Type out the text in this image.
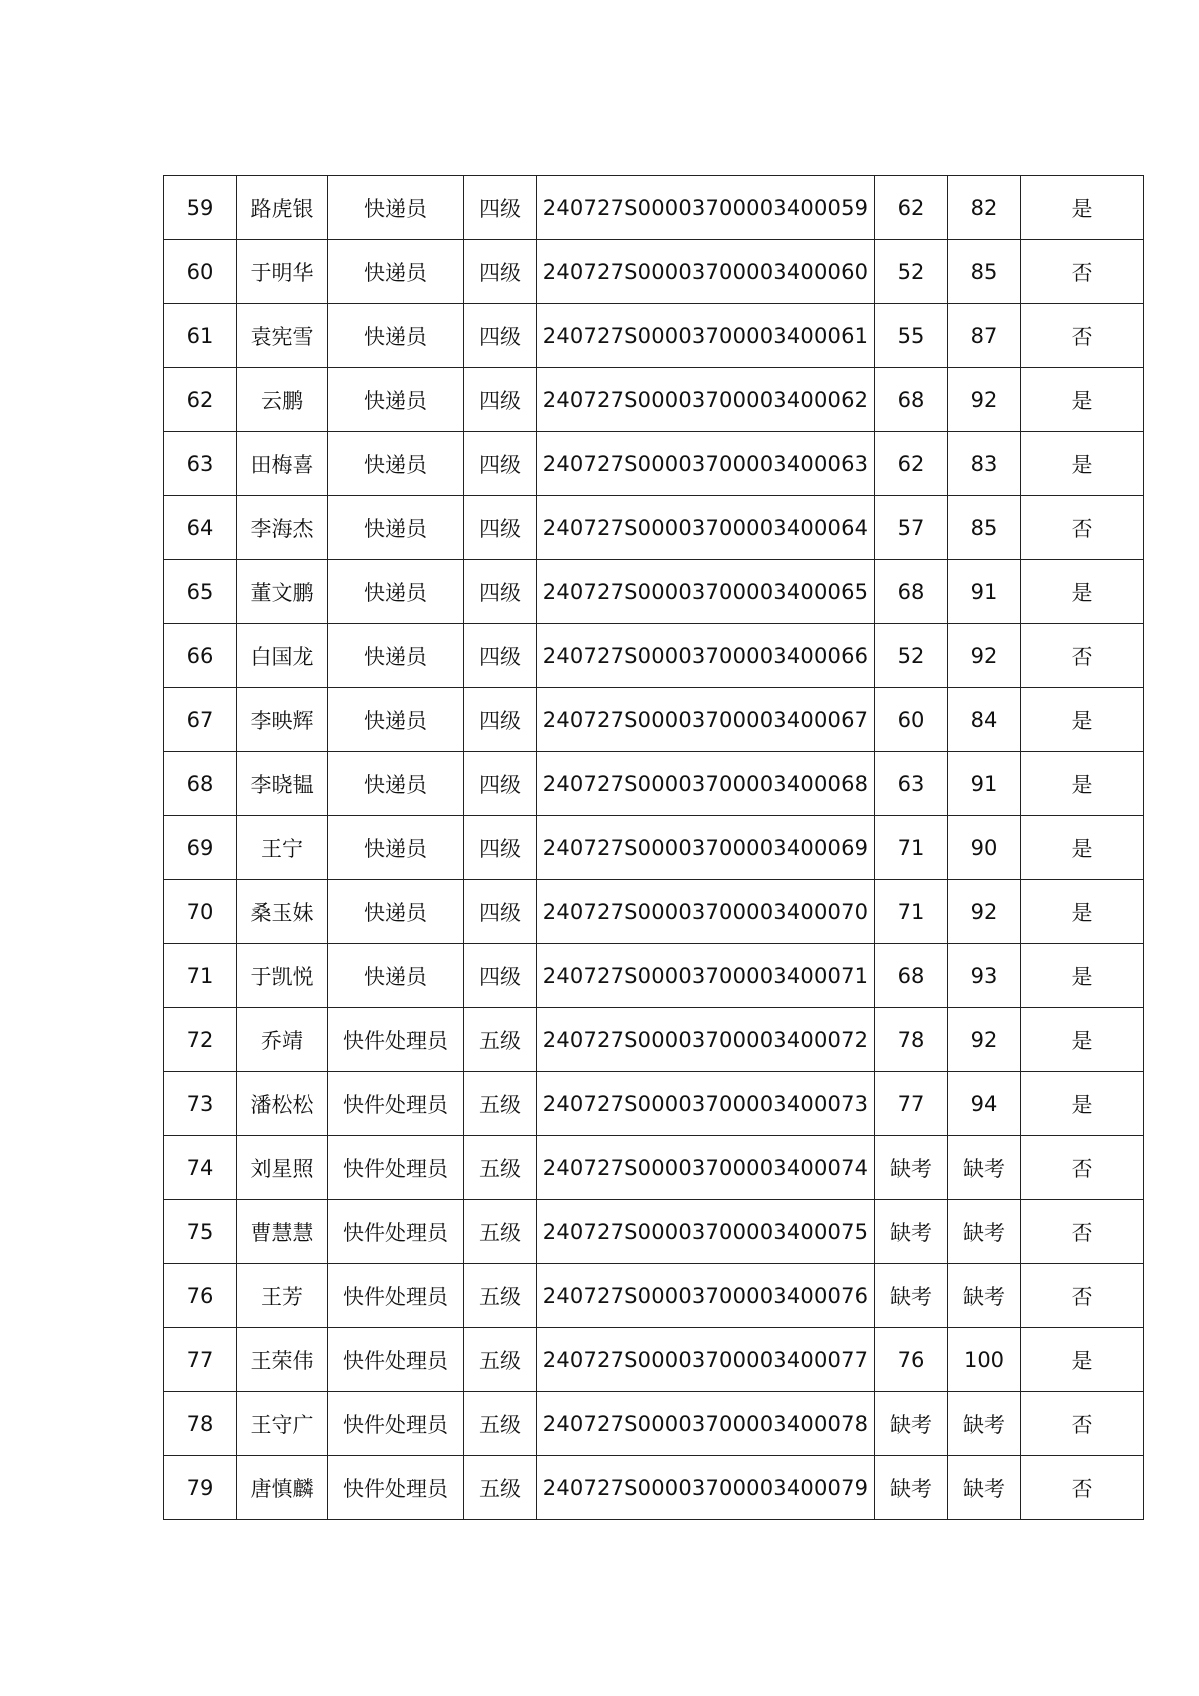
59	路虎银	快递员	四级	240727S00003700003400059	62	82	是
60	于明华	快递员	四级	240727S00003700003400060	52	85	否
61	袁宪雪	快递员	四级	240727S00003700003400061	55	87	否
62	云鹏	快递员	四级	240727S00003700003400062	68	92	是
63	田梅喜	快递员	四级	240727S00003700003400063	62	83	是
64	李海杰	快递员	四级	240727S00003700003400064	57	85	否
65	董文鹏	快递员	四级	240727S00003700003400065	68	91	是
66	白国龙	快递员	四级	240727S00003700003400066	52	92	否
67	李映辉	快递员	四级	240727S00003700003400067	60	84	是
68	李晓韫	快递员	四级	240727S00003700003400068	63	91	是
69	王宁	快递员	四级	240727S00003700003400069	71	90	是
70	桑玉妹	快递员	四级	240727S00003700003400070	71	92	是
71	于凯悦	快递员	四级	240727S00003700003400071	68	93	是
72	乔靖	快件处理员	五级	240727S00003700003400072	78	92	是
73	潘松松	快件处理员	五级	240727S00003700003400073	77	94	是
74	刘星照	快件处理员	五级	240727S00003700003400074	缺考	缺考	否
75	曹慧慧	快件处理员	五级	240727S00003700003400075	缺考	缺考	否
76	王芳	快件处理员	五级	240727S00003700003400076	缺考	缺考	否
77	王荣伟	快件处理员	五级	240727S00003700003400077	76	100	是
78	王守广	快件处理员	五级	240727S00003700003400078	缺考	缺考	否
79	唐慎麟	快件处理员	五级	240727S00003700003400079	缺考	缺考	否
